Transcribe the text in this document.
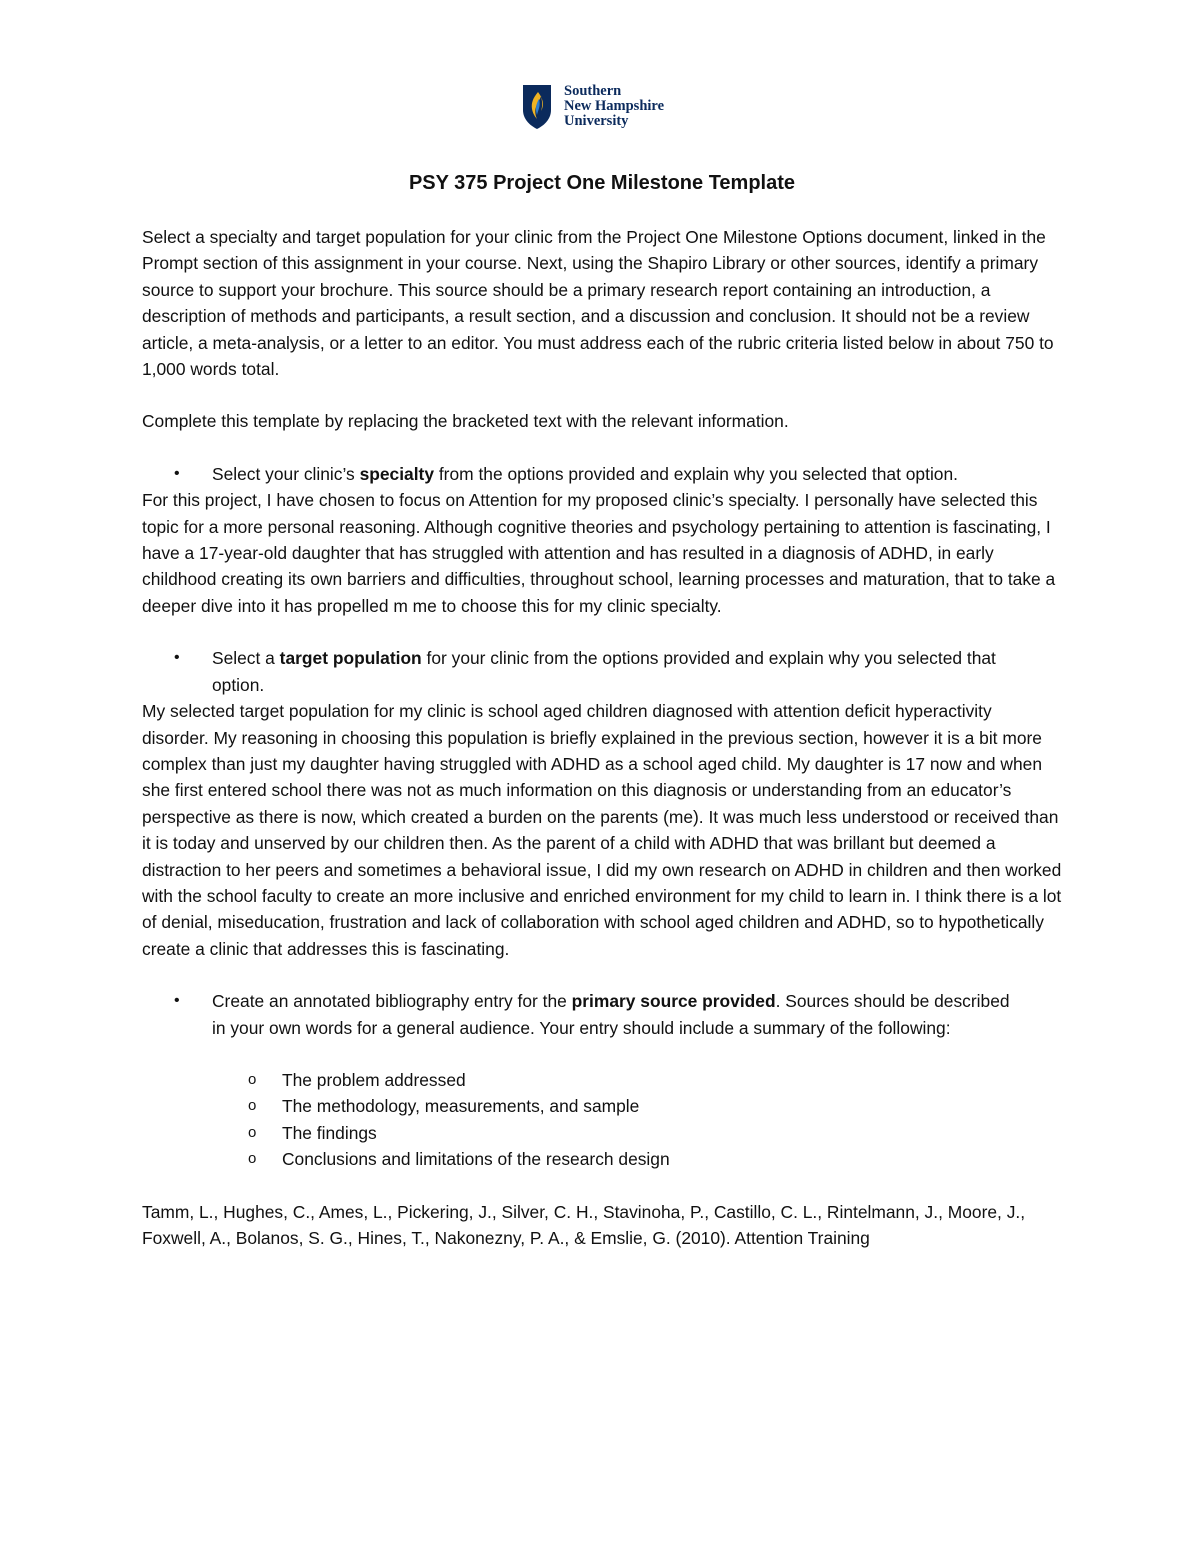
Southern
New Hampshire
University
PSY 375 Project One Milestone Template

Select a specialty and target population for your clinic from the Project One Milestone Options document, linked in the Prompt section of this assignment in your course. Next, using the Shapiro Library or other sources, identify a primary source to support your brochure. This source should be a primary research report containing an introduction, a description of methods and participants, a result section, and a discussion and conclusion. It should not be a review article, a meta-analysis, or a letter to an editor. You must address each of the rubric criteria listed below in about 750 to 1,000 words total.

Complete this template by replacing the bracketed text with the relevant information.

• Select your clinic’s specialty from the options provided and explain why you selected that option.

For this project, I have chosen to focus on Attention for my proposed clinic’s specialty. I personally have selected this topic for a more personal reasoning. Although cognitive theories and psychology pertaining to attention is fascinating, I have a 17-year-old daughter that has struggled with attention and has resulted in a diagnosis of ADHD, in early childhood creating its own barriers and difficulties, throughout school, learning processes and maturation, that to take a deeper dive into it has propelled m me to choose this for my clinic specialty.

• Select a target population for your clinic from the options provided and explain why you selected that option.

My selected target population for my clinic is school aged children diagnosed with attention deficit hyperactivity disorder. My reasoning in choosing this population is briefly explained in the previous section, however it is a bit more complex than just my daughter having struggled with ADHD as a school aged child. My daughter is 17 now and when she first entered school there was not as much information on this diagnosis or understanding from an educator’s perspective as there is now, which created a burden on the parents (me). It was much less understood or received than it is today and unserved by our children then. As the parent of a child with ADHD that was brillant but deemed a distraction to her peers and sometimes a behavioral issue, I did my own research on ADHD in children and then worked with the school faculty to create an more inclusive and enriched environment for my child to learn in. I think there is a lot of denial, miseducation, frustration and lack of collaboration with school aged children and ADHD, so to hypothetically create a clinic that addresses this is fascinating.

• Create an annotated bibliography entry for the primary source provided. Sources should be described in your own words for a general audience. Your entry should include a summary of the following:
o The problem addressed
o The methodology, measurements, and sample
o The findings
o Conclusions and limitations of the research design

Tamm, L., Hughes, C., Ames, L., Pickering, J., Silver, C. H., Stavinoha, P., Castillo, C. L., Rintelmann, J., Moore, J., Foxwell, A., Bolanos, S. G., Hines, T., Nakonezny, P. A., & Emslie, G. (2010). Attention Training
